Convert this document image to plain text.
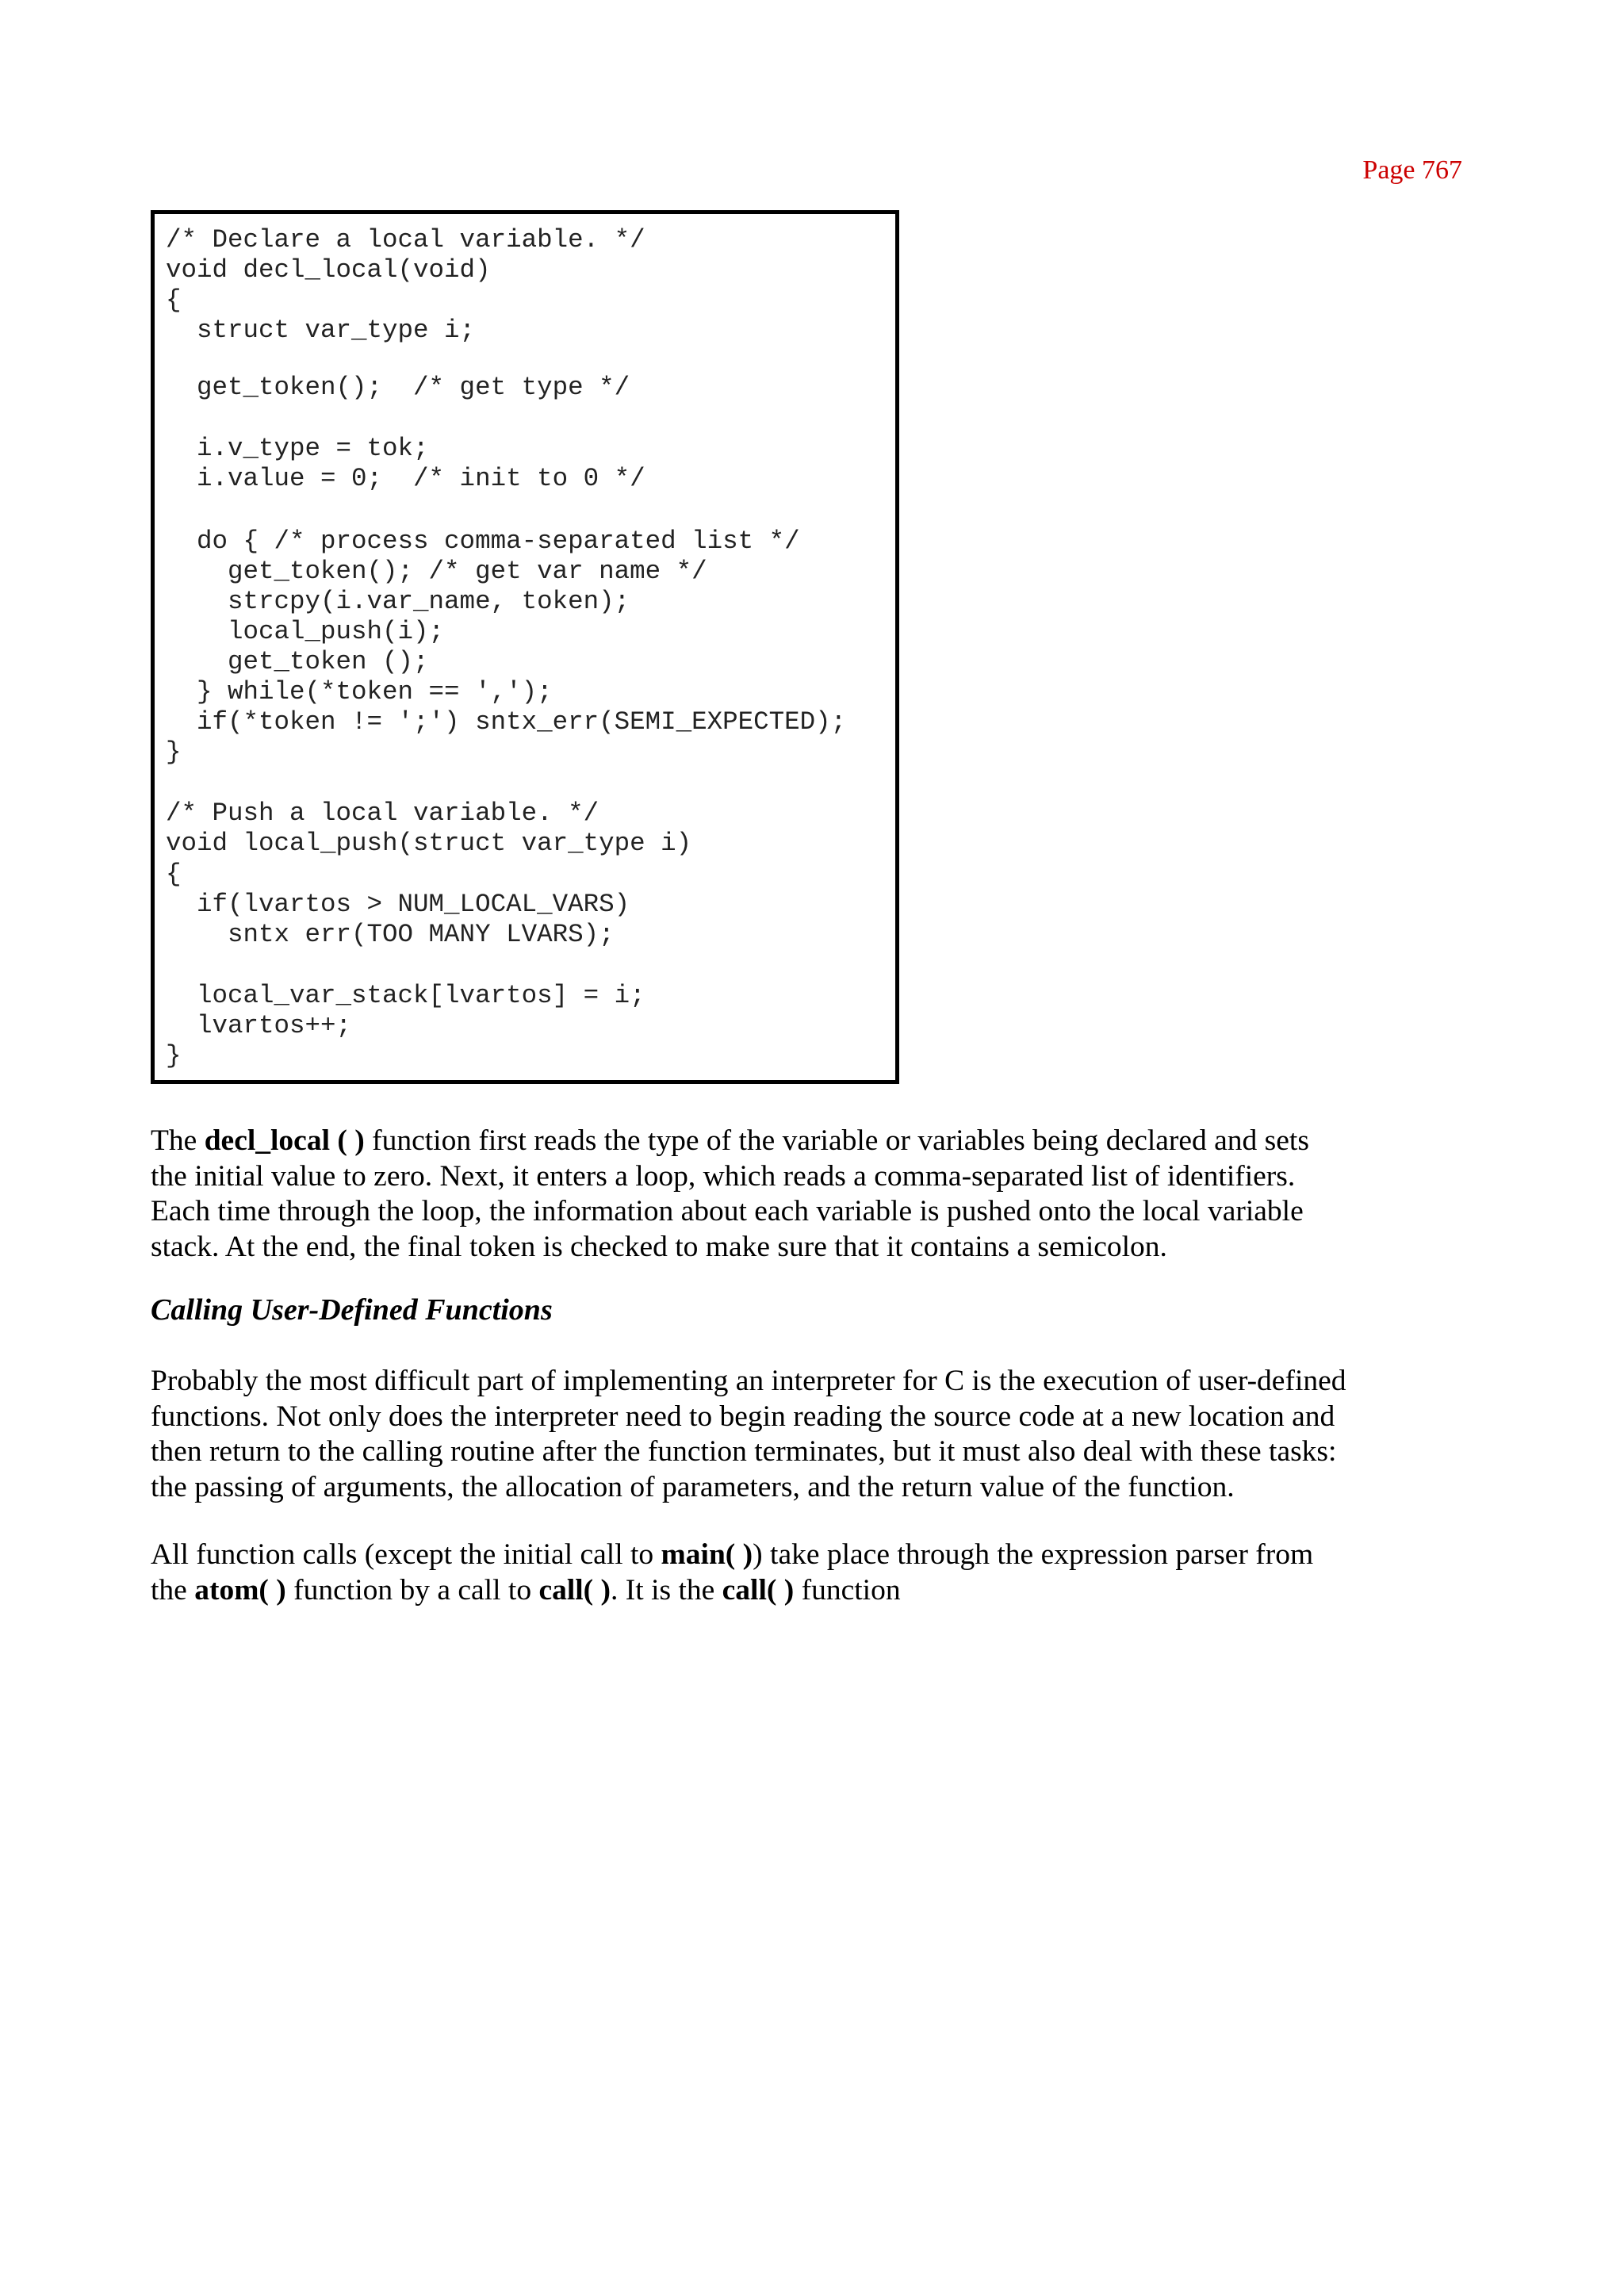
Page 767
/* Declare a local variable. */
void decl_local(void)
{
struct var_type i;
get_token();  /* get type */
i.v_type = tok;
i.value = 0;  /* init to 0 */
do { /* process comma-separated list */
get_token(); /* get var name */
strcpy(i.var_name, token);
local_push(i);
get_token ();
} while(*token == ',');
if(*token != ';') sntx_err(SEMI_EXPECTED);
}
/* Push a local variable. */
void local_push(struct var_type i)
{
if(lvartos > NUM_LOCAL_VARS)
sntx err(TOO MANY LVARS);
local_var_stack[lvartos] = i;
lvartos++;
}
The decl_local ( ) function first reads the type of the variable or variables being declared and sets
the initial value to zero. Next, it enters a loop, which reads a comma-separated list of identifiers.
Each time through the loop, the information about each variable is pushed onto the local variable
stack. At the end, the final token is checked to make sure that it contains a semicolon.
Calling User-Defined Functions
Probably the most difficult part of implementing an interpreter for C is the execution of user-defined
functions. Not only does the interpreter need to begin reading the source code at a new location and
then return to the calling routine after the function terminates, but it must also deal with these tasks:
the passing of arguments, the allocation of parameters, and the return value of the function.
All function calls (except the initial call to main( )) take place through the expression parser from
the atom( ) function by a call to call( ). It is the call( ) function
